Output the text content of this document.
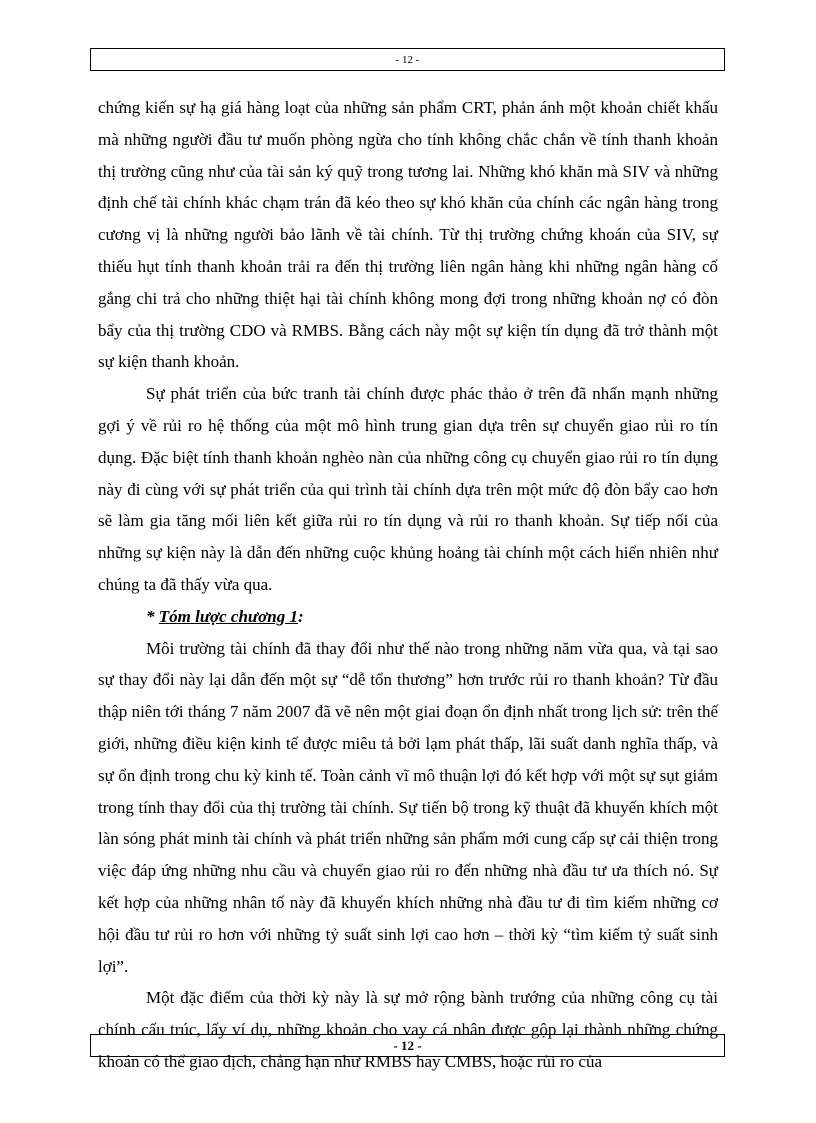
- 12 -

chứng kiến sự hạ giá hàng loạt của những sản phẩm CRT, phản ánh một khoản chiết khấu mà những người đầu tư muốn phòng ngừa cho tính không chắc chắn về tính thanh khoản thị trường cũng như của tài sản ký quỹ trong tương lai. Những khó khăn mà SIV và những định chế tài chính khác chạm trán đã kéo theo sự khó khăn của chính các ngân hàng trong cương vị là những người bảo lãnh về tài chính. Từ thị trường chứng khoán của SIV, sự thiếu hụt tính thanh khoản trải ra đến thị trường liên ngân hàng khi những ngân hàng cố gắng chi trả cho những thiệt hại tài chính không mong đợi trong những khoản nợ có đòn bẩy của thị trường CDO và RMBS. Bằng cách này một sự kiện tín dụng đã trở thành một sự kiện thanh khoản.

Sự phát triển của bức tranh tài chính được phác thảo ở trên đã nhấn mạnh những gợi ý về rủi ro hệ thống của một mô hình trung gian dựa trên sự chuyển giao rủi ro tín dụng. Đặc biệt tính thanh khoản nghèo nàn của những công cụ chuyển giao rủi ro tín dụng này đi cùng với sự phát triển của qui trình tài chính dựa trên một mức độ đòn bẩy cao hơn sẽ làm gia tăng mối liên kết giữa rủi ro tín dụng và rủi ro thanh khoản. Sự tiếp nối của những sự kiện này là dẫn đến những cuộc khủng hoảng tài chính một cách hiển nhiên như chúng ta đã thấy vừa qua.

* Tóm lược chương 1:

Môi trường tài chính đã thay đổi như thế nào trong những năm vừa qua, và tại sao sự thay đổi này lại dẫn đến một sự “dễ tổn thương” hơn trước rủi ro thanh khoản? Từ đầu thập niên tới tháng 7 năm 2007 đã vẽ nên một giai đoạn ổn định nhất trong lịch sử: trên thế giới, những điều kiện kinh tế được miêu tả bởi lạm phát thấp, lãi suất danh nghĩa thấp, và sự ổn định trong chu kỳ kinh tế. Toàn cảnh vĩ mô thuận lợi đó kết hợp với một sự sụt giảm trong tính thay đổi của thị trường tài chính. Sự tiến bộ trong kỹ thuật đã khuyến khích một làn sóng phát minh tài chính và phát triển những sản phẩm mới cung cấp sự cải thiện trong việc đáp ứng những nhu cầu và chuyển giao rủi ro đến những nhà đầu tư ưa thích nó. Sự kết hợp của những nhân tố này đã khuyến khích những nhà đầu tư đi tìm kiếm những cơ hội đầu tư rủi ro hơn với những tỷ suất sinh lợi cao hơn – thời kỳ “tìm kiếm tỷ suất sinh lợi”.

Một đặc điểm của thời kỳ này là sự mở rộng bành trướng của những công cụ tài chính cấu trúc, lấy ví dụ, những khoản cho vay cá nhân được gộp lại thành những chứng khoán có thể giao dịch, chẳng hạn như RMBS hay CMBS, hoặc rủi ro của

- 12 -
